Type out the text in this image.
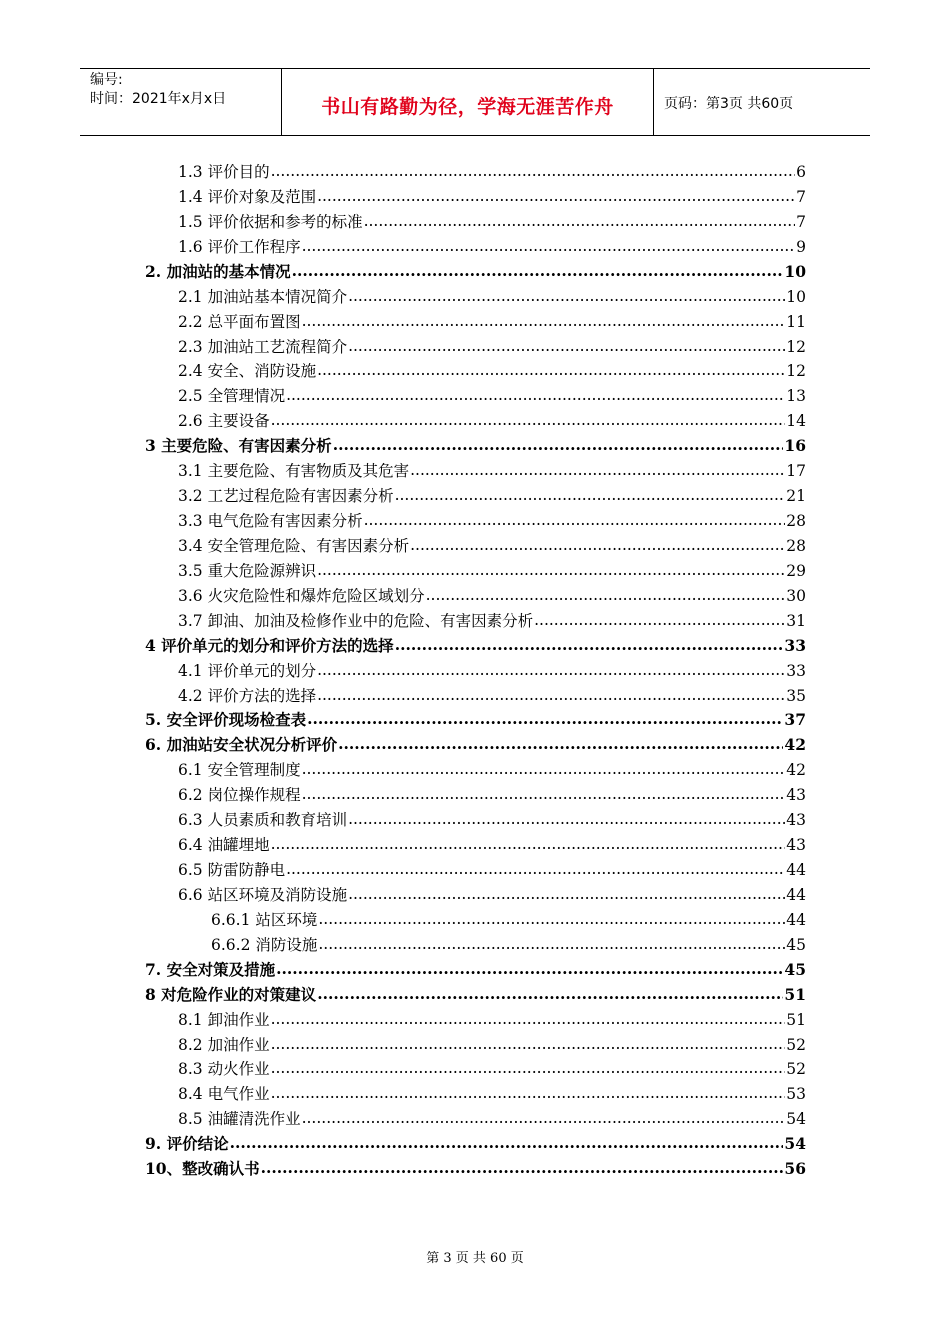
编号:
时间：2021年x月x日	书山有路勤为径，学海无涯苦作舟	页码：第3页 共60页
1.3 评价目的 .....	6
1.4 评价对象及范围 .....	7
1.5 评价依据和参考的标准 .....	7
1.6 评价工作程序 .....	9
2. 加油站的基本情况 .....	10
2.1 加油站基本情况简介 .....	10
2.2 总平面布置图 .....	11
2.3 加油站工艺流程简介 .....	12
2.4 安全、消防设施 .....	12
2.5 全管理情况 .....	13
2.6 主要设备 .....	14
3 主要危险、有害因素分析 .....	16
3.1 主要危险、有害物质及其危害 .....	17
3.2 工艺过程危险有害因素分析 .....	21
3.3 电气危险有害因素分析 .....	28
3.4 安全管理危险、有害因素分析 .....	28
3.5 重大危险源辨识 .....	29
3.6 火灾危险性和爆炸危险区域划分 .....	30
3.7 卸油、加油及检修作业中的危险、有害因素分析 .....	31
4 评价单元的划分和评价方法的选择 .....	33
4.1 评价单元的划分 .....	33
4.2 评价方法的选择 .....	35
5. 安全评价现场检查表 .....	37
6. 加油站安全状况分析评价 .....	42
6.1 安全管理制度 .....	42
6.2 岗位操作规程 .....	43
6.3 人员素质和教育培训 .....	43
6.4 油罐埋地 .....	43
6.5 防雷防静电 .....	44
6.6 站区环境及消防设施 .....	44
6.6.1 站区环境 .....	44
6.6.2 消防设施 .....	45
7. 安全对策及措施 .....	45
8 对危险作业的对策建议 .....	51
8.1 卸油作业 .....	51
8.2 加油作业 .....	52
8.3 动火作业 .....	52
8.4 电气作业 .....	53
8.5 油罐清洗作业 .....	54
9. 评价结论 .....	54
10、整改确认书 .....	56
第 3 页 共 60 页
